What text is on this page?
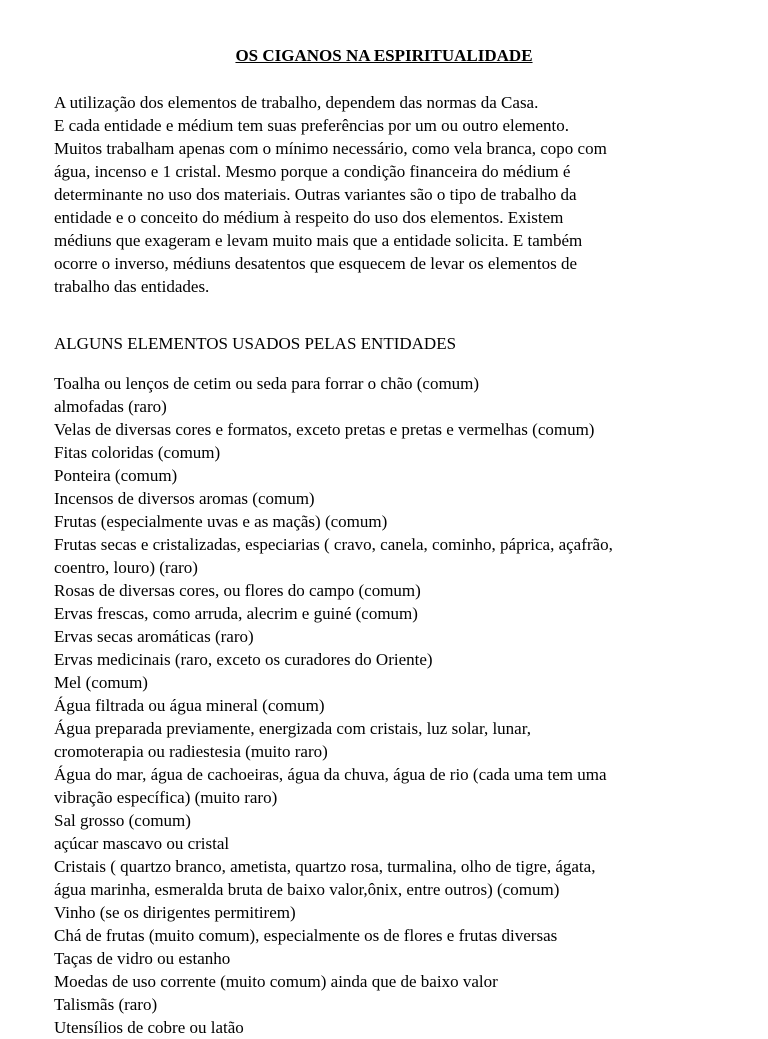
OS CIGANOS NA ESPIRITUALIDADE
A utilização dos elementos de trabalho, dependem das normas da Casa.
E cada entidade e médium tem suas preferências por um ou outro elemento.
Muitos trabalham apenas com o mínimo necessário, como vela branca, copo com
água, incenso e 1 cristal. Mesmo porque a condição financeira do médium é
determinante no uso dos materiais. Outras variantes são o tipo de trabalho da
entidade e o conceito do médium à respeito do uso dos elementos. Existem
médiuns que exageram e levam muito mais que a entidade solicita. E também
ocorre o inverso, médiuns desatentos que esquecem de levar os elementos de
trabalho das entidades.
ALGUNS ELEMENTOS USADOS PELAS ENTIDADES
Toalha ou lenços de cetim ou seda para forrar o chão (comum)
almofadas (raro)
Velas de diversas cores e formatos, exceto pretas e pretas e vermelhas (comum)
Fitas coloridas (comum)
Ponteira (comum)
Incensos de diversos aromas (comum)
Frutas (especialmente uvas e as maçãs) (comum)
Frutas secas e cristalizadas, especiarias ( cravo, canela, cominho, páprica, açafrão,
coentro, louro) (raro)
Rosas de diversas cores, ou flores do campo (comum)
Ervas frescas, como arruda, alecrim e guiné (comum)
Ervas secas aromáticas (raro)
Ervas medicinais (raro, exceto os curadores do Oriente)
Mel (comum)
Água filtrada ou água mineral (comum)
Água preparada previamente, energizada com cristais, luz solar, lunar,
cromoterapia ou radiestesia (muito raro)
Água do mar, água de cachoeiras, água da chuva, água de rio (cada uma tem uma
vibração específica) (muito raro)
Sal grosso (comum)
açúcar mascavo ou cristal
Cristais ( quartzo branco, ametista, quartzo rosa, turmalina, olho de tigre, ágata,
água marinha, esmeralda bruta de baixo valor,ônix, entre outros) (comum)
Vinho (se os dirigentes permitirem)
Chá de frutas (muito comum), especialmente os de flores e frutas diversas
Taças de vidro ou estanho
Moedas de uso corrente (muito comum) ainda que de baixo valor
Talismãs (raro)
Utensílios de cobre ou latão
